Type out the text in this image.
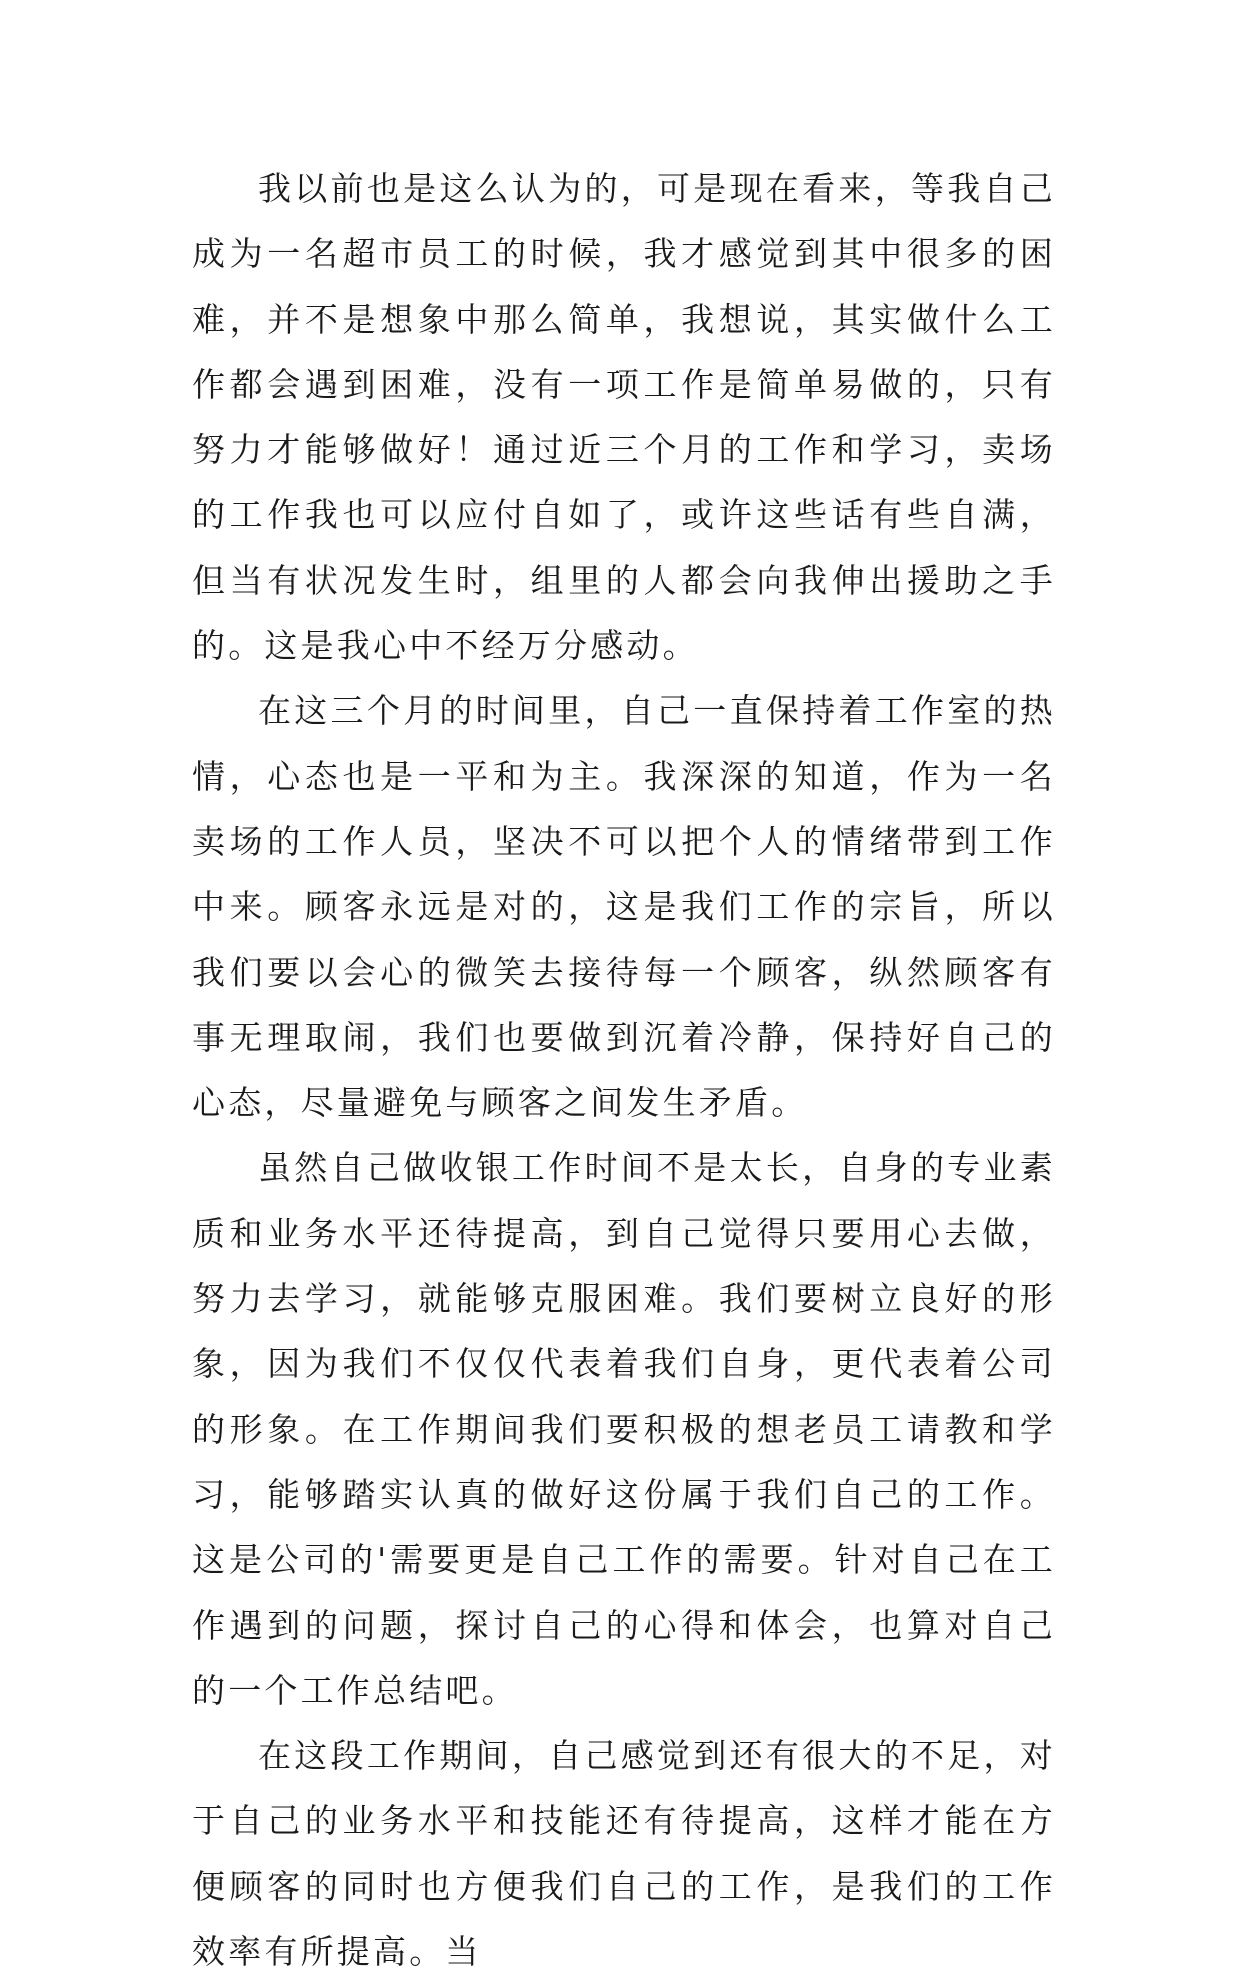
我以前也是这么认为的，可是现在看来，等我自己成为一名超市员工的时候，我才感觉到其中很多的困难，并不是想象中那么简单，我想说，其实做什么工作都会遇到困难，没有一项工作是简单易做的，只有努力才能够做好！通过近三个月的工作和学习，卖场的工作我也可以应付自如了，或许这些话有些自满，但当有状况发生时，组里的人都会向我伸出援助之手的。这是我心中不经万分感动。

在这三个月的时间里，自己一直保持着工作室的热情，心态也是一平和为主。我深深的知道，作为一名卖场的工作人员，坚决不可以把个人的情绪带到工作中来。顾客永远是对的，这是我们工作的宗旨，所以我们要以会心的微笑去接待每一个顾客，纵然顾客有事无理取闹，我们也要做到沉着冷静，保持好自己的心态，尽量避免与顾客之间发生矛盾。

虽然自己做收银工作时间不是太长，自身的专业素质和业务水平还待提高，到自己觉得只要用心去做，努力去学习，就能够克服困难。我们要树立良好的形象，因为我们不仅仅代表着我们自身，更代表着公司的形象。在工作期间我们要积极的想老员工请教和学习，能够踏实认真的做好这份属于我们自己的工作。这是公司的'需要更是自己工作的需要。针对自己在工作遇到的问题，探讨自己的心得和体会，也算对自己的一个工作总结吧。

在这段工作期间，自己感觉到还有很大的不足，对于自己的业务水平和技能还有待提高，这样才能在方便顾客的同时也方便我们自己的工作，是我们的工作效率有所提高。当
